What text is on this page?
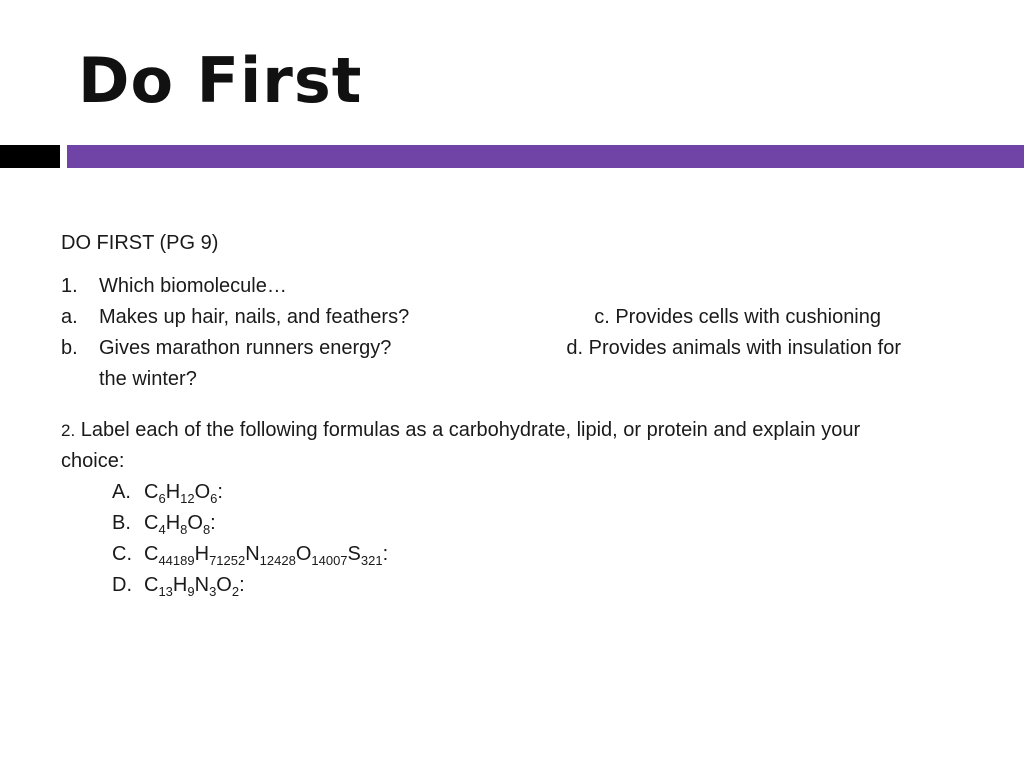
Do First
DO FIRST (PG 9)
1.	Which biomolecule…
a.	Makes up hair, nails, and feathers?	c. Provides cells with cushioning
b.	Gives marathon runners energy?	d. Provides animals with insulation for
the winter?
2. Label each of the following formulas as a carbohydrate, lipid, or protein and explain your choice:
A. $C_6H_{12}O_6$:
B. $C_4H_8O_8$:
C. $C_{44189}H_{71252}N_{12428}O_{14007}S_{321}$:
D. $C_{13}H_9N_3O_2$:
